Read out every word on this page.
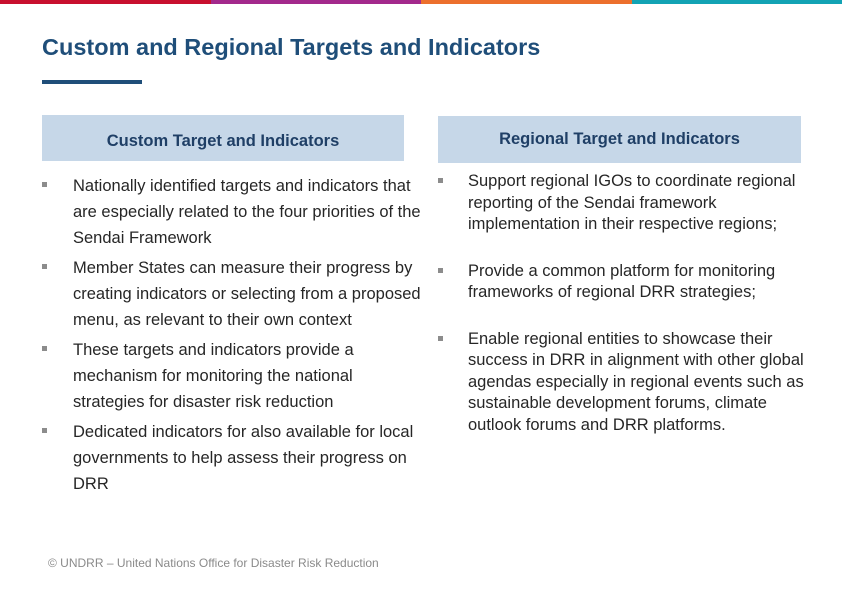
Custom and Regional Targets and Indicators
Custom Target and Indicators	Regional Target and Indicators
Nationally identified targets and indicators that are especially related to the four priorities of the Sendai Framework
Member States can measure their progress by creating indicators or selecting from a proposed menu, as relevant to their own context
These targets and indicators provide a mechanism for monitoring the national strategies for disaster risk reduction
Dedicated indicators for also available for local governments to help assess their progress on DRR
Support regional IGOs to coordinate regional reporting of the Sendai framework implementation in their respective regions;
Provide a common platform for monitoring frameworks of regional DRR strategies;
Enable regional entities to showcase their success in DRR in alignment with other global agendas especially in regional events such as sustainable development forums, climate outlook forums and DRR platforms.
© UNDRR – United Nations Office for Disaster Risk Reduction
